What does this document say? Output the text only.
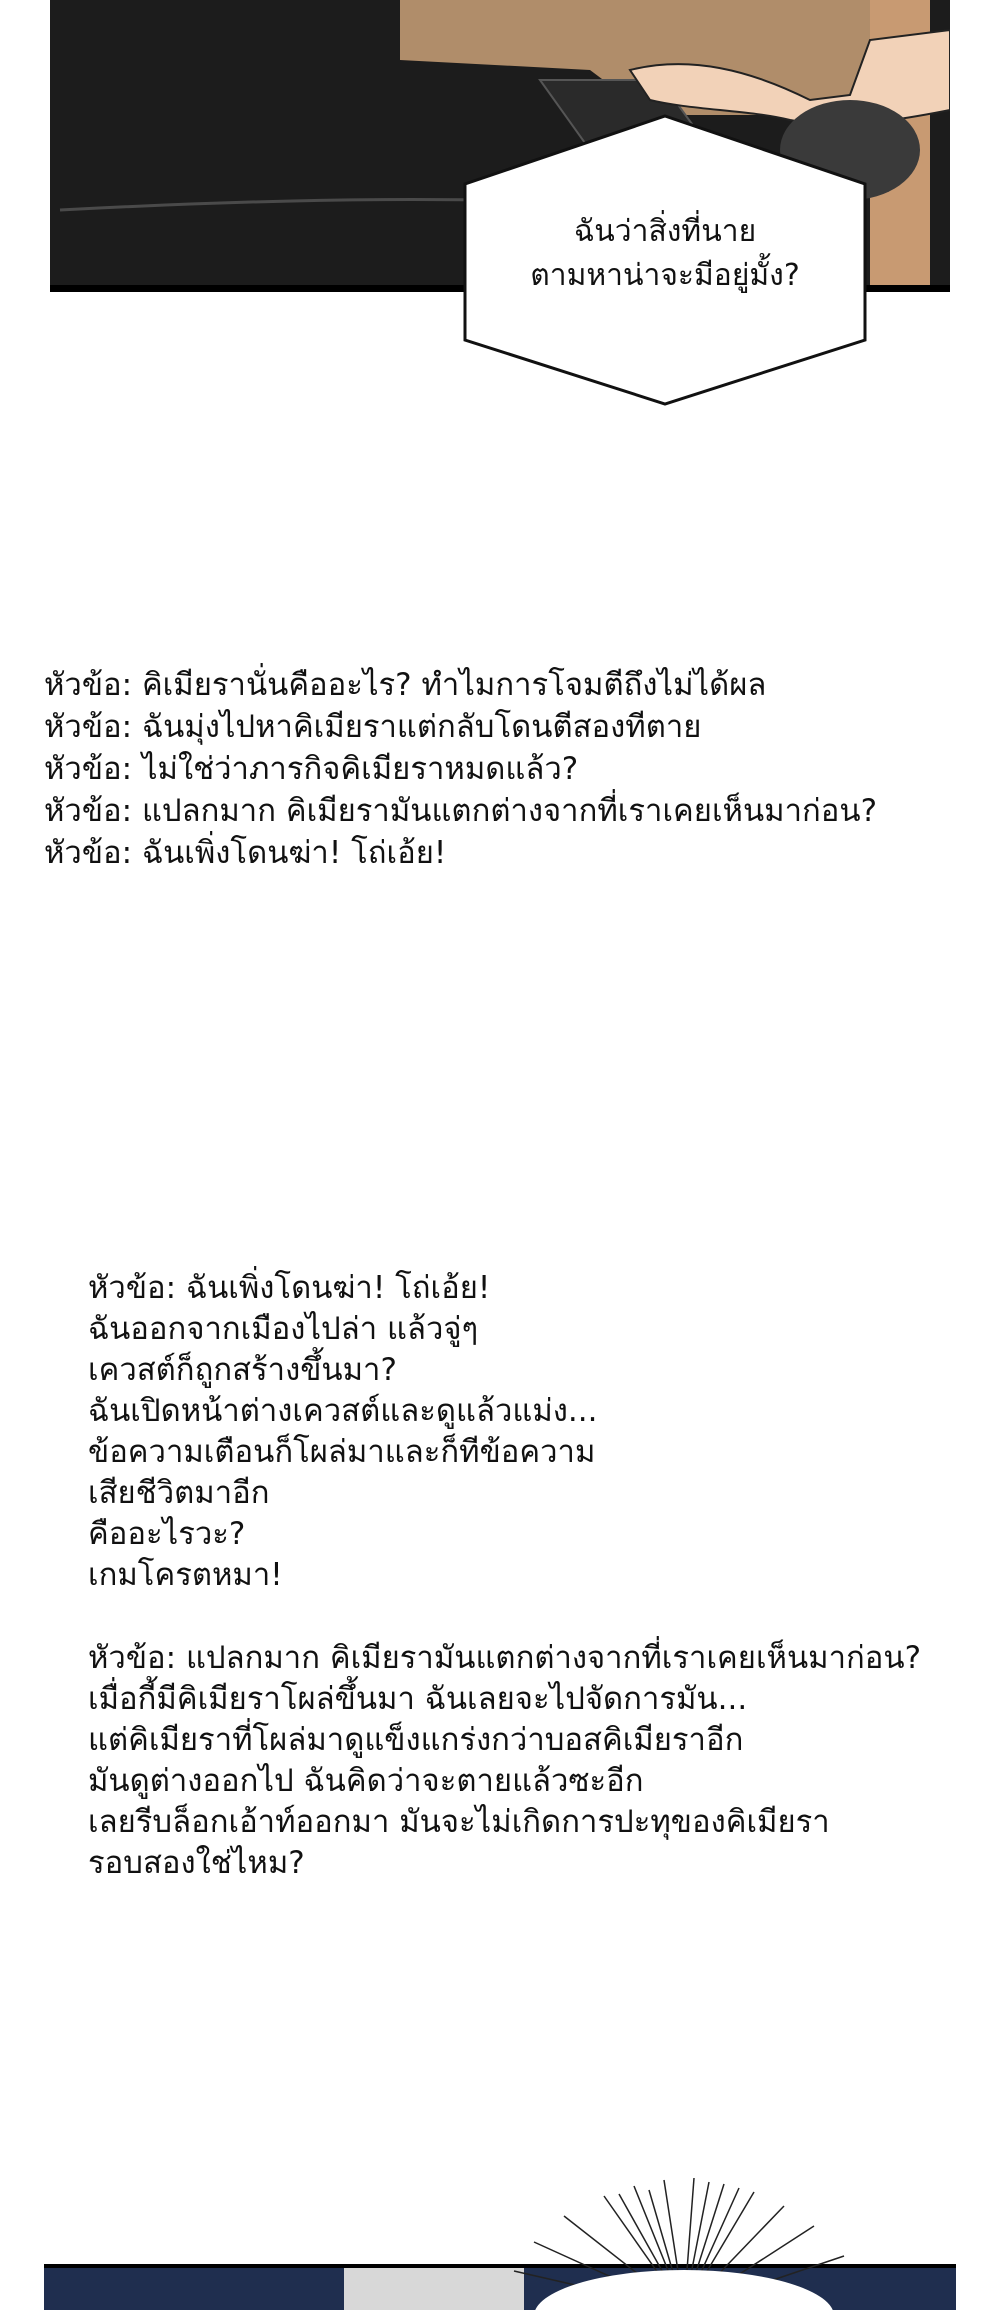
ฉันว่าสิ่งที่นาย
ตามหาน่าจะมีอยู่มั้ง?
หัวข้อ: คิเมียรานั่นคืออะไร? ทำไมการโจมตีถึงไม่ได้ผล
หัวข้อ: ฉันมุ่งไปหาคิเมียราแต่กลับโดนตีสองทีตาย
หัวข้อ: ไม่ใช่ว่าภารกิจคิเมียราหมดแล้ว?
หัวข้อ: แปลกมาก คิเมียรามันแตกต่างจากที่เราเคยเห็นมาก่อน?
หัวข้อ: ฉันเพิ่งโดนฆ่า! โถ่เอ้ย!
หัวข้อ: ฉันเพิ่งโดนฆ่า! โถ่เอ้ย!
ฉันออกจากเมืองไปล่า แล้วจู่ๆ
เควสต์ก็ถูกสร้างขึ้นมา?
ฉันเปิดหน้าต่างเควสต์และดูแล้วแม่ง...
ข้อความเตือนก็โผล่มาและก็ทีข้อความ
เสียชีวิตมาอีก
คืออะไรวะ?
เกมโครตหมา!
หัวข้อ: แปลกมาก คิเมียรามันแตกต่างจากที่เราเคยเห็นมาก่อน?
เมื่อกี้มีคิเมียราโผล่ขึ้นมา ฉันเลยจะไปจัดการมัน...
แต่คิเมียราที่โผล่มาดูแข็งแกร่งกว่าบอสคิเมียราอีก
มันดูต่างออกไป ฉันคิดว่าจะตายแล้วซะอีก
เลยรีบล็อกเอ้าท์ออกมา มันจะไม่เกิดการปะทุของคิเมียรา
รอบสองใช่ไหม?
